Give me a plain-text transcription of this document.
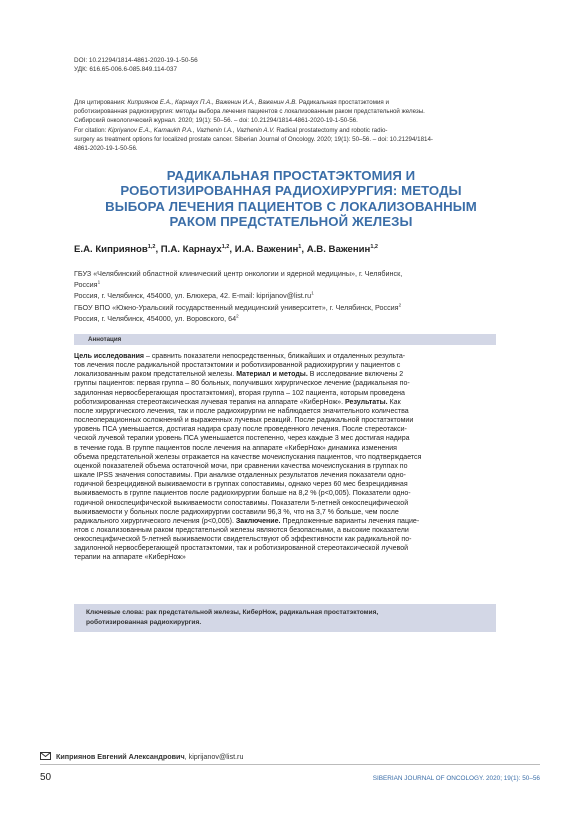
DOI: 10.21294/1814-4861-2020-19-1-50-56
УДК: 616.65-006.6-085.849.114-037
Для цитирования: Киприянов Е.А., Карнаух П.А., Важенин И.А., Важенин А.В. Радикальная простатэктомия и
роботизированная радиохирургия: методы выбора лечения пациентов с локализованным раком предстательной железы.
Сибирский онкологический журнал. 2020; 19(1): 50–56. – doi: 10.21294/1814-4861-2020-19-1-50-56.
For citation: Kipriyanov E.A., Karnaukh P.A., Vazhenin I.A., Vazhenin A.V. Radical prostatectomy and robotic radio-
surgery as treatment options for localized prostate cancer. Siberian Journal of Oncology. 2020; 19(1): 50–56. – doi: 10.21294/1814-
4861-2020-19-1-50-56.
РАДИКАЛЬНАЯ ПРОСТАТЭКТОМИЯ И
РОБОТИЗИРОВАННАЯ РАДИОХИРУРГИЯ: МЕТОДЫ
ВЫБОРА ЛЕЧЕНИЯ ПАЦИЕНТОВ С ЛОКАЛИЗОВАННЫМ
РАКОМ ПРЕДСТАТЕЛЬНОЙ ЖЕЛЕЗЫ
Е.А. Киприянов$^{1,2}$, П.А. Карнаух$^{1,2}$, И.А. Важенин$^1$, А.В. Важенин$^{1,2}$
ГБУЗ «Челябинский областной клинический центр онкологии и ядерной медицины», г. Челябинск,
Россия$^1$
Россия, г. Челябинск, 454000, ул. Блюхера, 42. E-mail: $kiprijanov@list.ru^1$
ГБОУ ВПО «Южно-Уральский государственный медицинский университет», г. Челябинск, Россия$^2$
Россия, г. Челябинск, 454000, ул. Воровского, $64^2$
Аннотация
Цель исследования – сравнить показатели непосредственных, ближайших и отдаленных результа-
тов лечения после радикальной простатэктомии и роботизированной радиохирургии у пациентов с
локализованным раком предстательной железы. Материал и методы. В исследование включены 2
группы пациентов: первая группа – 80 больных, получивших хирургическое лечение (радикальная по-
задилонная нервосберегающая простатэктомия), вторая группа – 102 пациента, которым проведена
роботизированная стереотаксическая лучевая терапия на аппарате «КиберНож». Результаты. Как
после хирургического лечения, так и после радиохирургии не наблюдается значительного количества
послеоперационных осложнений и выраженных лучевых реакций. После радикальной простатэктомии
уровень ПСА уменьшается, достигая надира сразу после проведенного лечения. После стереотакси-
ческой лучевой терапии уровень ПСА уменьшается постепенно, через каждые 3 мес достигая надира
в течение года. В группе пациентов после лечения на аппарате «КиберНож» динамика изменения
объема предстательной железы отражается на качестве мочеиспускания пациентов, что подтверждается
оценкой показателей объема остаточной мочи, при сравнении качества мочеиспускания в группах по
шкале IPSS значения сопоставимы. При анализе отдаленных результатов лечения показатели одно-
годичной безрецидивной выживаемости в группах сопоставимы, однако через 60 мес безрецидивная
выживаемость в группе пациентов после радиохирургии больше на 8,2 % (p<0,005). Показатели одно-
годичной онкоспецифической выживаемости сопоставимы. Показатели 5-летней онкоспецифической
выживаемости у больных после радиохирургии составили 96,3 %, что на 3,7 % больше, чем после
радикального хирургического лечения (p<0,005). Заключение. Предложенные варианты лечения пацие-
нтов с локализованным раком предстательной железы являются безопасными, а высокие показатели
онкоспецифической 5-летней выживаемости свидетельствуют об эффективности как радикальной по-
задилонной нервосберегающей простатэктомии, так и роботизированной стереотаксической лучевой
терапии на аппарате «КиберНож»
Ключевые слова: рак предстательной железы, КиберНож, радикальная простатэктомия,
роботизированная радиохирургия.
Киприянов Евгений Александрович, kiprijanov@list.ru
50	SIBERIAN JOURNAL OF ONCOLOGY. 2020; 19(1): 50–56
